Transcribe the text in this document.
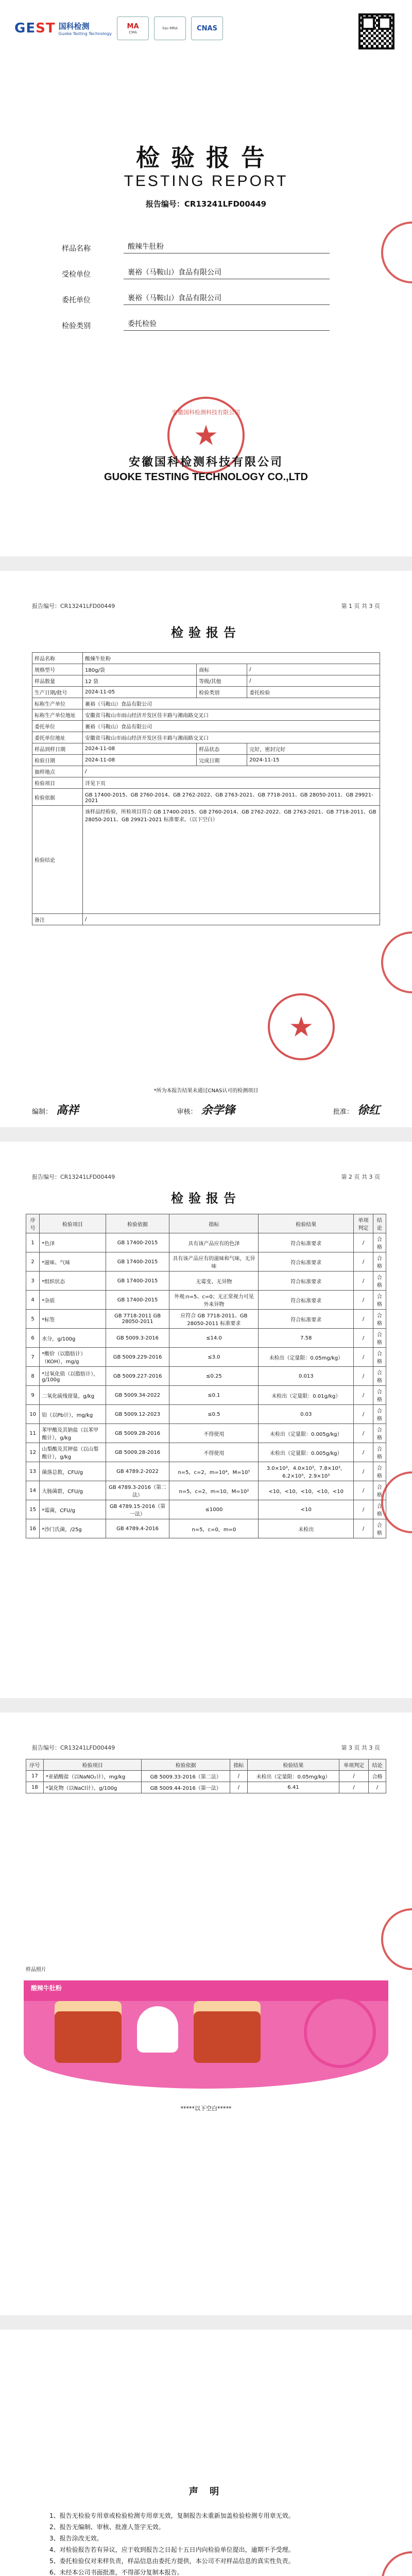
GEST 国科检测
Guoke Testing Technology
MA
CMA
ilac-MRA	CNAS
检验报告
TESTING REPORT
报告编号：CR13241LFD00449
样品名称	酸辣牛肚粉
受检单位	裹裕（马鞍山）食品有限公司
委托单位	裹裕（马鞍山）食品有限公司
检验类别	委托检验
安徽国科检测科技有限公司
★
安徽国科检测科技有限公司
GUOKE TESTING TECHNOLOGY CO.,LTD
报告编号：CR13241LFD00449	第 1 页 共 3 页
检验报告
样品名称	酸辣牛肚粉		
规格型号	180g/袋	商标	/
样品数量	12 袋	等级/其他	/
生产日期/批号	2024-11-05	检验类别	委托检验
标称生产单位	裹裕（马鞍山）食品有限公司		
标称生产单位地址	安徽省马鞍山市雨山经济开发区佳丰路与湘南路交叉口		
委托单位	裹裕（马鞍山）食品有限公司		
委托单位地址	安徽省马鞍山市雨山经济开发区佳丰路与湘南路交叉口		
样品到样日期	2024-11-08	样品状态	完好，密封完好
检验日期	2024-11-08	完成日期	2024-11-15
抽样地点	/		
检验项目	详见下页		
检验依据	GB 17400-2015、GB 2760-2014、GB 2762-2022、GB 2763-2021、GB 7718-2011、GB 28050-2011、GB 29921-2021		
检验结论	该样品经检验，所检项目符合 GB 17400-2015、GB 2760-2014、GB 2762-2022、GB 2763-2021、GB 7718-2011、GB 28050-2011、GB 29921-2021 标准要求。（以下空白）		
备注	/		
★
*所为本报告结果未通过CNAS认可的检测项目
编制： 高祥	审核： 余学锋	批准： 徐红
报告编号：CR13241LFD00449	第 2 页 共 3 页
检验报告
序号	检验项目	检验依据	指标	检验结果	单项判定	结论
1	*色泽	GB 17400-2015	具有该产品应有的色泽	符合标准要求	/	合格
2	*滋味、气味	GB 17400-2015	具有该产品应有的滋味和气味，无异味	符合标准要求	/	合格
3	*组织状态	GB 17400-2015	无霉变、无异物	符合标准要求	/	合格
4	*杂质	GB 17400-2015	外观:n=5、c=0；无正常视力可见外来异物	符合标准要求	/	合格
5	*标签	GB 7718-2011 GB 28050-2011	应符合 GB 7718-2011、GB 28050-2011 标准要求	符合标准要求	/	合格
6	水分，g/100g	GB 5009.3-2016	≤14.0	7.58	/	合格
7	*酸价（以脂肪计）（KOH），mg/g	GB 5009.229-2016	≤3.0	未检出（定量限：0.05mg/kg）	/	合格
8	*过氧化值（以脂肪计），g/100g	GB 5009.227-2016	≤0.25	0.013	/	合格
9	二氧化硫残留量，g/kg	GB 5009.34-2022	≤0.1	未检出（定量限：0.01g/kg）	/	合格
10	铅（以Pb计），mg/kg	GB 5009.12-2023	≤0.5	0.03	/	合格
11	苯甲酸及其钠盐（以苯甲酸计），g/kg	GB 5009.28-2016	不得使用	未检出（定量限：0.005g/kg）	/	合格
12	山梨酸及其钾盐（以山梨酸计），g/kg	GB 5009.28-2016	不得使用	未检出（定量限：0.005g/kg）	/	合格
13	菌落总数，CFU/g	GB 4789.2-2022	n=5，c=2，m=10⁴，M=10⁵	3.0×10³，4.0×10³，7.8×10³，6.2×10³，2.9×10³	/	合格
14	大肠菌群，CFU/g	GB 4789.3-2016（第二法）	n=5，c=2，m=10，M=10²	<10，<10，<10，<10，<10	/	合格
15	*霉菌，CFU/g	GB 4789.15-2016（第一法）	≤1000	<10	/	合格
16	*沙门氏菌，/25g	GB 4789.4-2016	n=5，c=0，m=0	未检出	/	合格
报告编号：CR13241LFD00449	第 3 页 共 3 页
序号	检验项目	检验依据	指标	检验结果	单项判定	结论
17	*亚硝酸盐（以NaNO₂计），mg/kg	GB 5009.33-2016（第二法）	/	未检出（定量限：0.05mg/kg）	/	合格
18	*氯化物（以NaCl计），g/100g	GB 5009.44-2016（第一法）	/	6.41	/	/
样品照片
酸辣牛肚粉
*****以下空白*****
声 明
1、报告无检验专用章或检验检测专用章无效，复制报告未重新加盖检验检测专用章无效。
2、报告无编制、审核、批准人签字无效。
3、报告涂改无效。
4、对检验报告若有异议，应于收到报告之日起十五日内向检验单位提出，逾期不予受理。
5、委托检验仅对来样负责，样品信息由委托方提供，本公司不对样品信息的真实性负责。
6、未经本公司书面批准，不得部分复制本报告。
